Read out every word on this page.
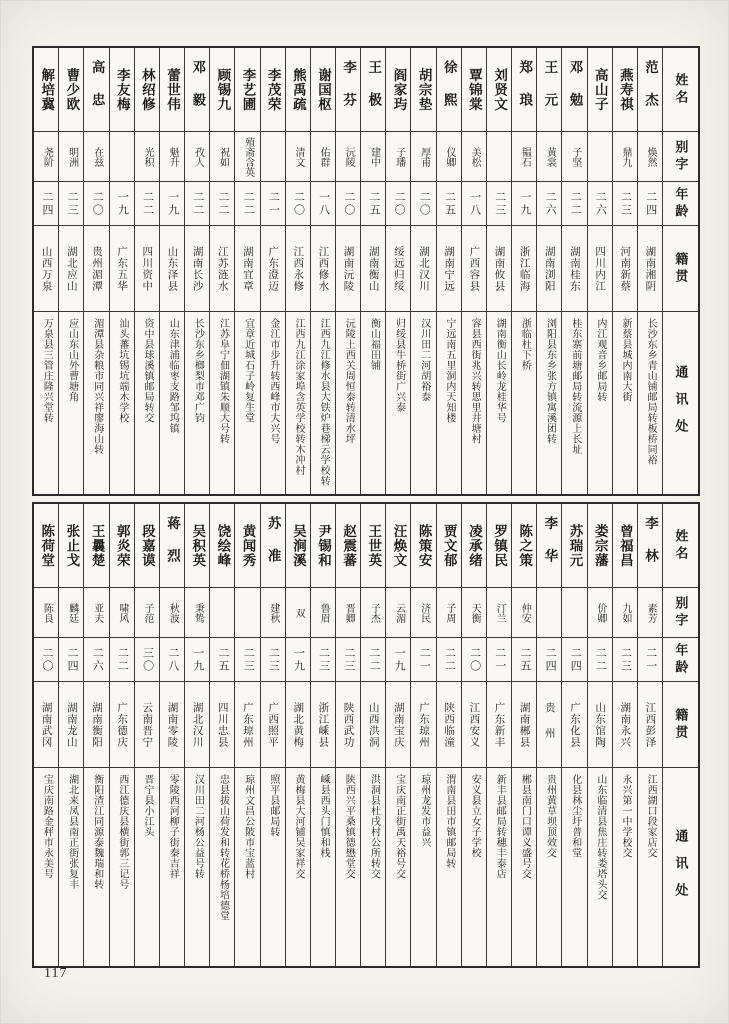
姓名
别字
年龄
籍贯
通讯处
范杰
焕然
二四
湖南湘阴
长沙东乡青山铺邮局转板桥同裕
燕寿祺
鼎九
二三
河南新蔡
新蔡县城内南大街
高山子
二六
四川内江
内江观音乡邮局转
邓勉
子坚
二二
湖南桂东
桂东寨前塘邮局转流源上长址
王元
黄裳
二六
湖南浏阳
浏阳县东乡张方镇寓溪团转
郑琅
韫石
一九
浙江临海
浙临杜下桥
刘贤文
二三
湖南攸县
湖南衡山长岭龙桂华号
覃锦棠
美松
一八
广西容县
容县西街兆兴转思里井塘村
徐熙
仪卿
二五
湖南宁远
宁远南五里洞内天知楼
胡宗垫
厚甫
二〇
湖北汉川
汉川田二河胡裕泰
阎家玙
子璠
二〇
绥远归绥
归绥县牛桥街广兴泰
王极
建中
二五
湖南衡山
衡山福田铺
李芬
沅陵
二〇
湖南沅陵
沅陵上西关周恒泰转清水坪
谢国枢
佑群
一八
江西修水
江西九江修水县大铁炉巷梯云学校转
熊禹疏
清文
二〇
江西永修
江西九江涂家埠含英学校转木冲村
李茂荣
二一
广东澄迈
金江市步升转西峰市大兴号
李艺圃
殖斋含英
二二
湖南宜章
宜章近城石子岭复生堂
顾锡九
祝如
二二
江苏涟水
江苏阜宁佃湖镇朱顺大号转
邓毅
孜人
二二
湖南长沙
长沙东乡榔梨市邓广钧
蕾世伟
魁升
一九
山东泽县
山东津浦临枣支路邹坞镇
林绍修
光积
二二
四川资中
资中县球溪镇邮局转交
李友梅
一九
广东五华
汕头蕃坑锡坑端木学校
高忠
在兹
二〇
贵州湄潭
湄潭县杂粮市同兴祥廖海山转
曹少欧
明洲
二三
湖北应山
应山东山外曹塘角
解培冀
尧阶
二四
山西万泉
万泉县三管庄隆兴堂转
姓名
别字
年龄
籍贯
通讯处
李林
素芳
二一
江西彭泽
江西湖口段家店交
曾福昌
九如
二三
湖南永兴
永兴第一中学校交
娄宗藩
价卿
二二
山东馆陶
山东临清县焦庄转娄塔头交
苏瑞元
二四
广东化县
化县林尘圩普和堂
李华
二四
贵州
贵州黄草坝顶效交
陈之策
仲安
二五
湖南郴县
郴县南门口谭义盛号交
罗镇民
汀兰
二一
广东新丰
新丰县邮局转穗丰泰店
凌承绪
天衡
二〇
江西安义
安义县立女子学校
贾文郁
子周
二二
陕西临潼
渭南县田市镇邮局转
陈策安
济民
二一
广东琼州
琼州龙发市益兴
汪焕文
云湄
一九
湖南宝庆
宝庆南正街禹天裕号交
王世英
子杰
二二
山西洪洞
洪洞县杜戌村公所转交
赵震蕃
晋卿
二三
陕西武功
陕西兴平桑镇德懋堂交
尹锡和
鲁眉
二三
浙江嵊县
嵊县西头门慎和栈
吴涧溪
双
一九
湖北黄梅
黄梅县大河铺吴家祥交
苏准
建秋
二三
广西照平
照平县邮局转
黄闻秀
二三
广东琼州
琼州文昌公陂市宝蓝村
饶绘峰
二五
四川忠县
忠县拔山荷发和转花桥杨培德堂
吴积英
秉鸷
一九
湖北汉川
汉川田二河杨公益号转
蒋烈
秋波
二八
湖南零陵
零陵西河柳子街秦吉祥
段嘉谟
子范
三〇
云南晋宁
晋宁县小江头
郭炎荣
啸风
二二
广东德庆
西江德庆县横街郭三记号
王曩楚
亚夫
二六
湖南衡阳
衡阳渣江同源泰魏瑞和转
张止戈
麟廷
二四
湖南龙山
湖北来凤县南正街张复丰
陈荷堂
陈良
二〇
湖南武冈
宝庆南路金秤市永美号
117
